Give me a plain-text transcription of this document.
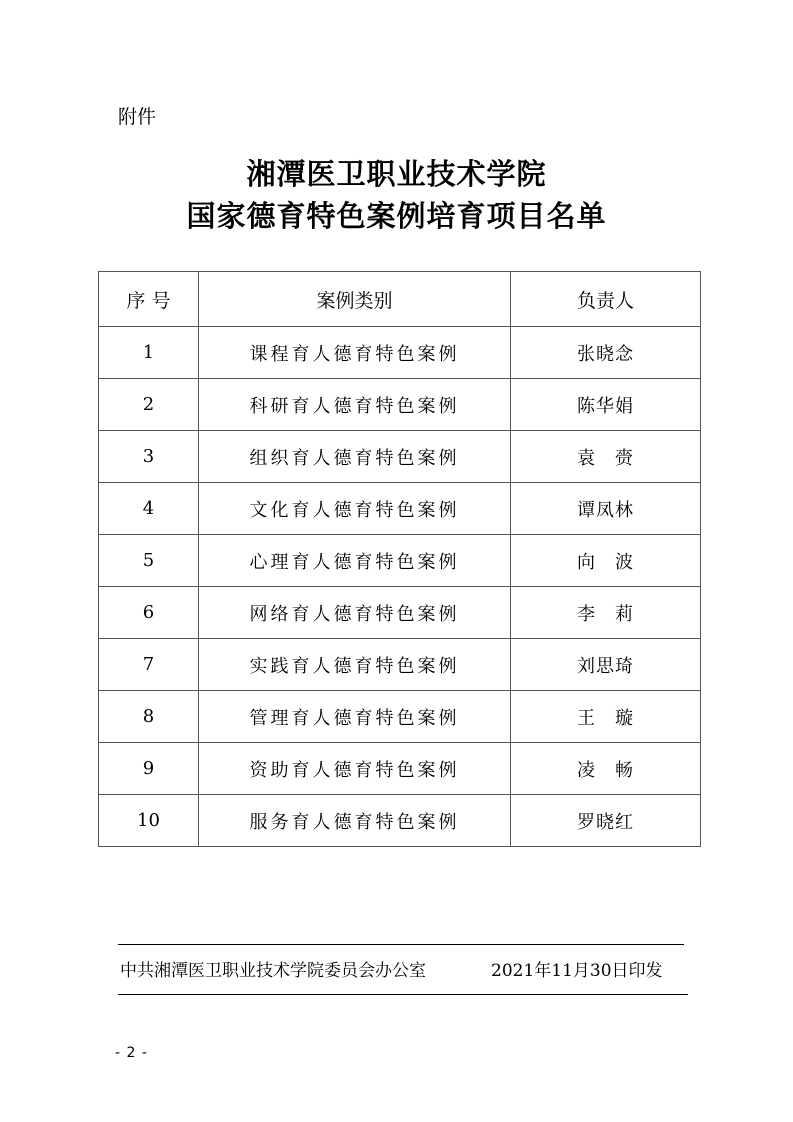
附件
湘潭医卫职业技术学院
国家德育特色案例培育项目名单
序 号	案例类别	负责人
1	课程育人德育特色案例	张晓念
2	科研育人德育特色案例	陈华娟
3	组织育人德育特色案例	袁　赍
4	文化育人德育特色案例	谭凤林
5	心理育人德育特色案例	向　波
6	网络育人德育特色案例	李　莉
7	实践育人德育特色案例	刘思琦
8	管理育人德育特色案例	王　璇
9	资助育人德育特色案例	凌　畅
10	服务育人德育特色案例	罗晓红
中共湘潭医卫职业技术学院委员会办公室	2021年11月30日印发
- 2 -
